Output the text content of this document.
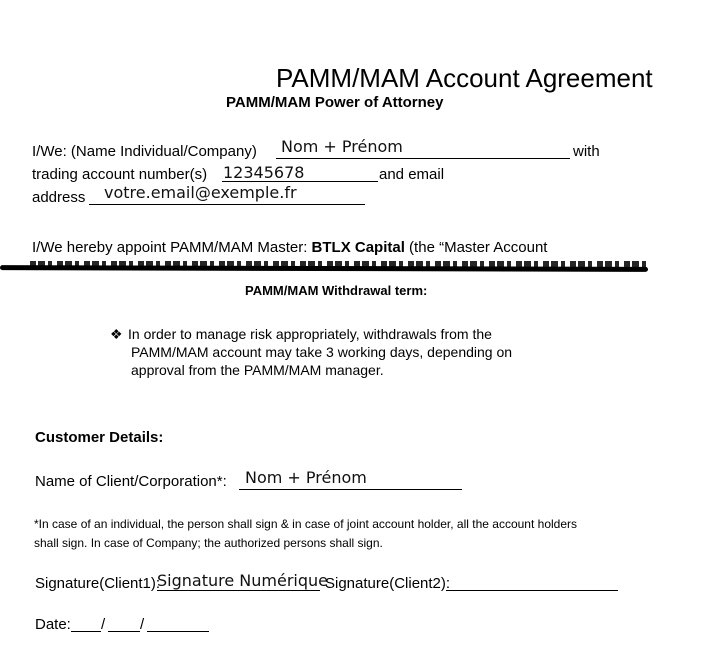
PAMM/MAM Account Agreement
PAMM/MAM Power of Attorney
I/We: (Name Individual/Company) Nom + Prénom	with
trading account number(s) 12345678	and email
address votre.email@exemple.fr
I/We hereby appoint PAMM/MAM Master: BTLX Capital (the “Master Account
PAMM/MAM Withdrawal term:
❖ In order to manage risk appropriately, withdrawals from the
PAMM/MAM account may take 3 working days, depending on
approval from the PAMM/MAM manager.
Customer Details:
Name of Client/Corporation*: Nom + Prénom
*In case of an individual, the person shall sign & in case of joint account holder, all the account holders
shall sign. In case of Company; the authorized persons shall sign.
Signature(Client1):
Signature Numérique
Signature(Client2):
Date: / /
